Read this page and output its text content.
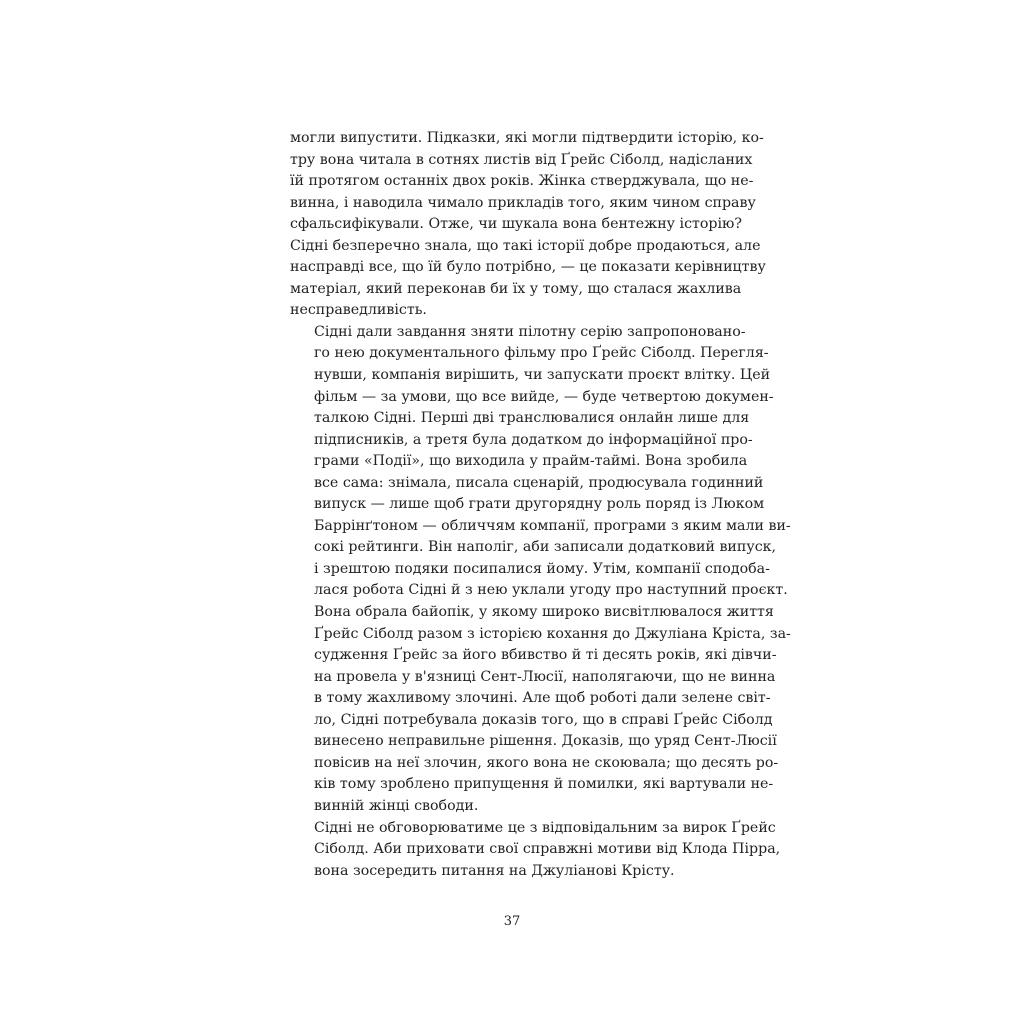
могли випустити. Підказки, які могли підтвердити історію, ко-
тру вона читала в сотнях листів від Ґрейс Сіболд, надісланих
їй протягом останніх двох років. Жінка стверджувала, що не-
винна, і наводила чимало прикладів того, яким чином справу
сфальсифікували. Отже, чи шукала вона бентежну історію?
Сідні безперечно знала, що такі історії добре продаються, але
насправді все, що їй було потрібно, — це показати керівництву
матеріал, який переконав би їх у тому, що сталася жахлива
несправедливість.

Сідні дали завдання зняти пілотну серію запропоновано-
го нею документального фільму про Ґрейс Сіболд. Перегля-
нувши, компанія вирішить, чи запускати проєкт влітку. Цей
фільм — за умови, що все вийде, — буде четвертою докумен-
талкою Сідні. Перші дві транслювалися онлайн лише для
підписників, а третя була додатком до інформаційної про-
грами «Події», що виходила у прайм-таймі. Вона зробила
все сама: знімала, писала сценарій, продюсувала годинний
випуск — лише щоб грати другорядну роль поряд із Люком
Баррінґтоном — обличчям компанії, програми з яким мали ви-
сокі рейтинги. Він наполіг, аби записали додатковий випуск,
і зрештою подяки посипалися йому. Утім, компанії сподоба-
лася робота Сідні й з нею уклали угоду про наступний проєкт.
Вона обрала байопік, у якому широко висвітлювалося життя
Ґрейс Сіболд разом з історією кохання до Джуліана Кріста, за-
судження Ґрейс за його вбивство й ті десять років, які дівчи-
на провела у в'язниці Сент-Люсії, наполягаючи, що не винна
в тому жахливому злочині. Але щоб роботі дали зелене світ-
ло, Сідні потребувала доказів того, що в справі Ґрейс Сіболд
винесено неправильне рішення. Доказів, що уряд Сент-Люсії
повісив на неї злочин, якого вона не скоювала; що десять ро-
ків тому зроблено припущення й помилки, які вартували не-
винній жінці свободи.

Сідні не обговорюватиме це з відповідальним за вирок Ґрейс
Сіболд. Аби приховати свої справжні мотиви від Клода Пірра,
вона зосередить питання на Джуліанові Крісту.

37
